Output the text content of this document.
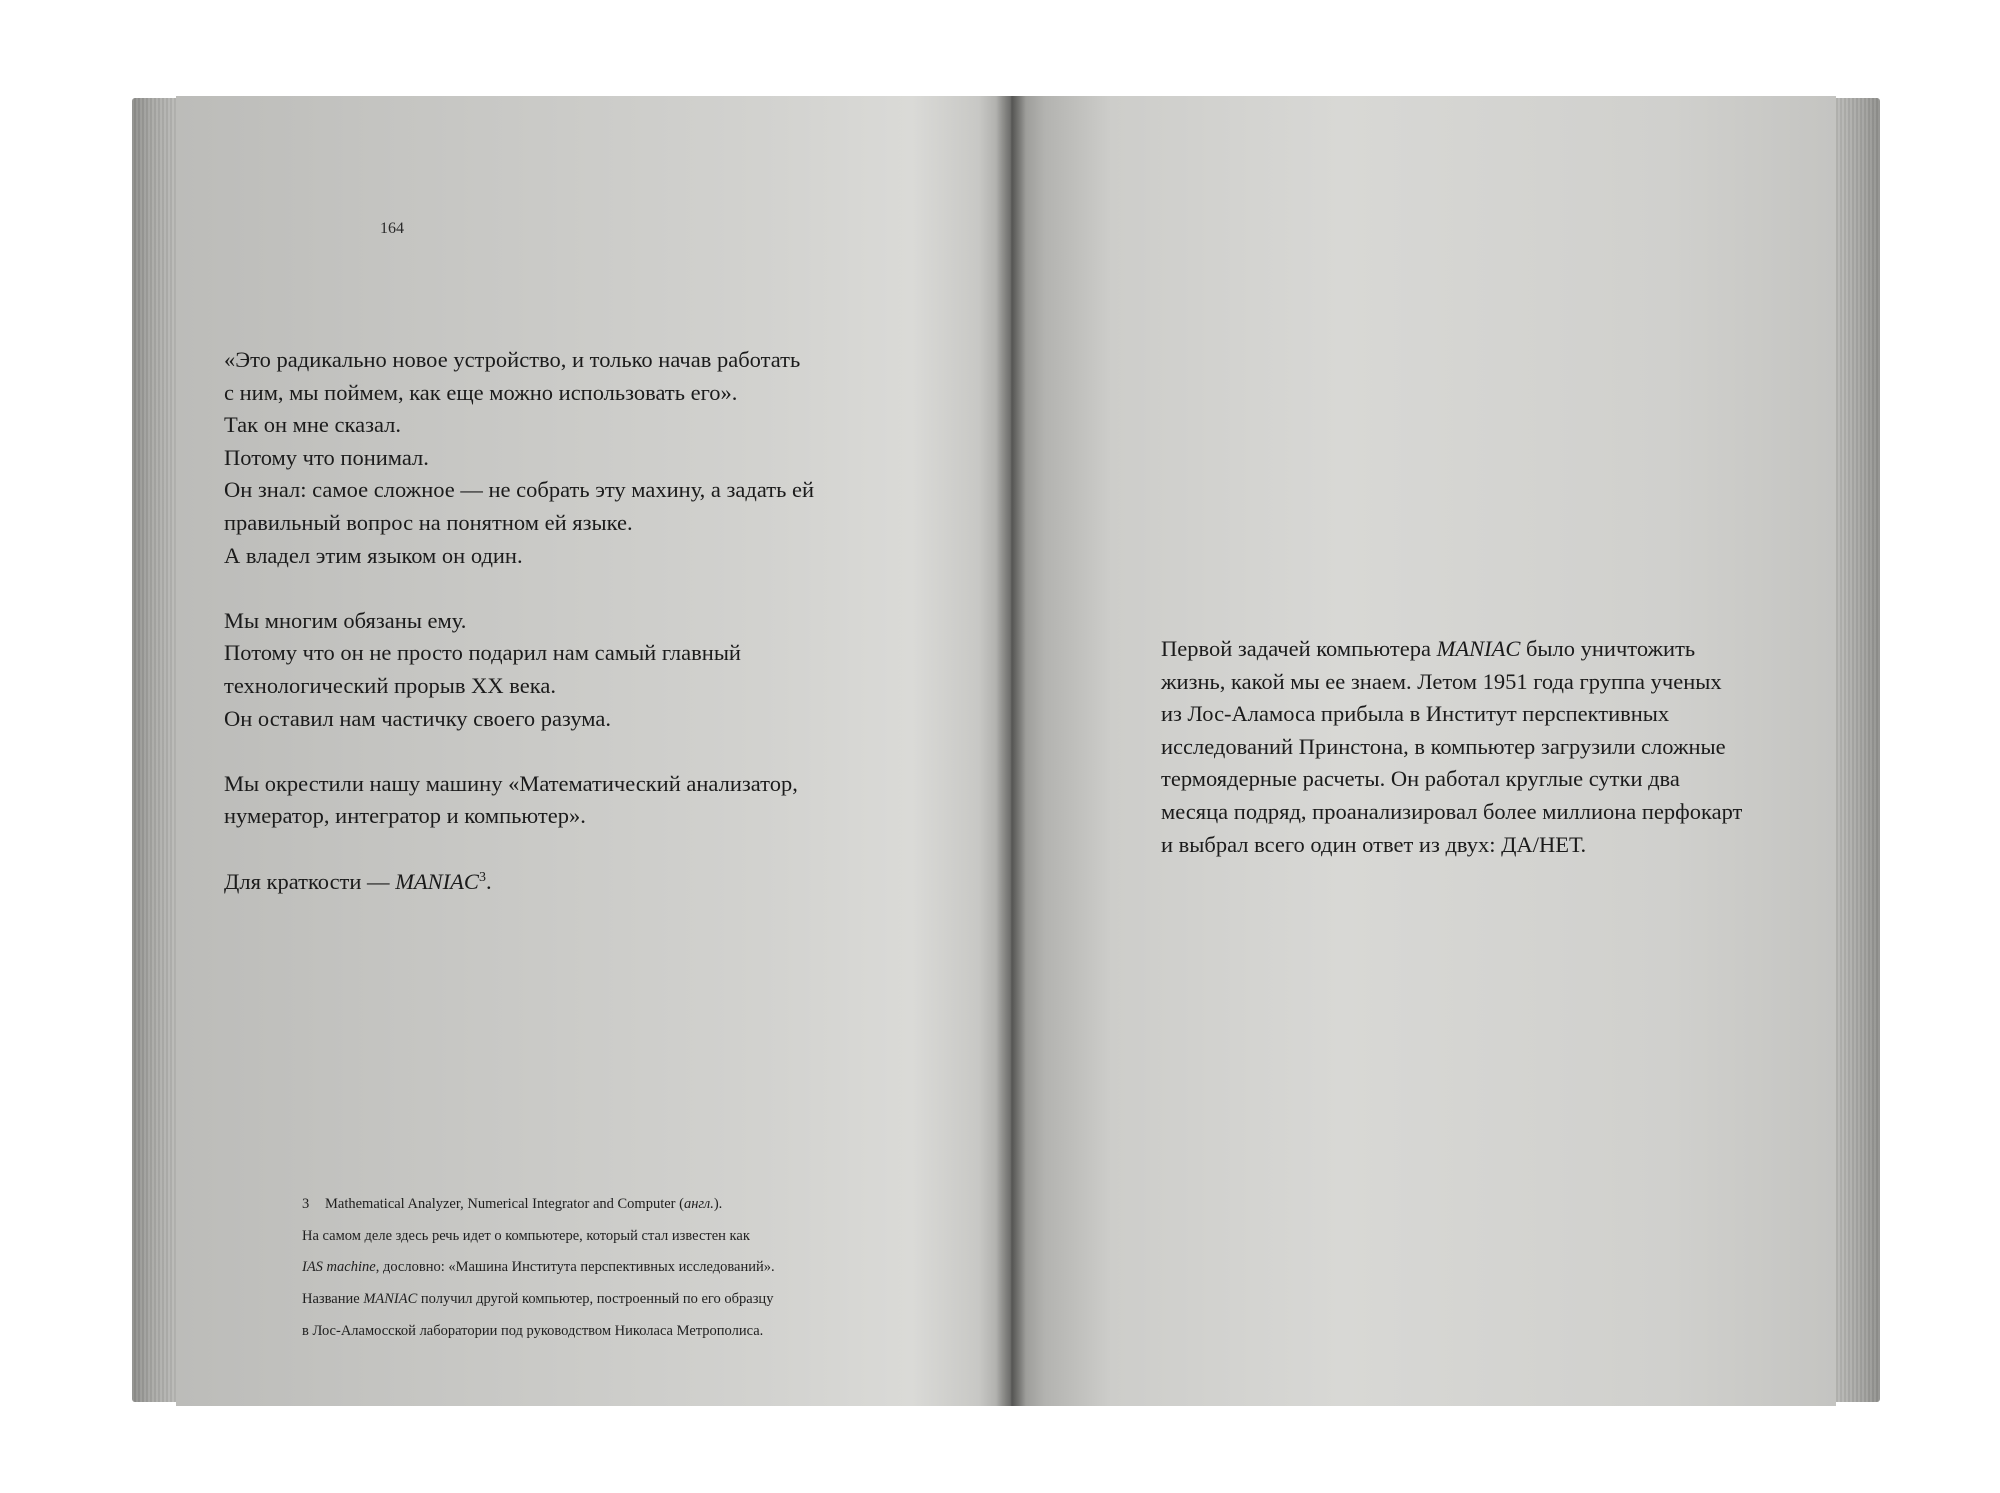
164
«Это радикально новое устройство, и только начав работать
с ним, мы поймем, как еще можно использовать его».
Так он мне сказал.
Потому что понимал.
Он знал: самое сложное — не собрать эту махину, а задать ей
правильный вопрос на понятном ей языке.
А владел этим языком он один.
Мы многим обязаны ему.
Потому что он не просто подарил нам самый главный
технологический прорыв XX века.
Он оставил нам частичку своего разума.
Мы окрестили нашу машину «Математический анализатор,
нумератор, интегратор и компьютер».
Для краткости — MANIAC$^3$.
3 Mathematical Analyzer, Numerical Integrator and Computer (англ.).
На самом деле здесь речь идет о компьютере, который стал известен как
IAS machine, дословно: «Машина Института перспективных исследований».
Название MANIAC получил другой компьютер, построенный по его образцу
в Лос-Аламосской лаборатории под руководством Николаса Метрополиса.
Первой задачей компьютера MANIAC было уничтожить
жизнь, какой мы ее знаем. Летом 1951 года группа ученых
из Лос-Аламоса прибыла в Институт перспективных
исследований Принстона, в компьютер загрузили сложные
термоядерные расчеты. Он работал круглые сутки два
месяца подряд, проанализировал более миллиона перфокарт
и выбрал всего один ответ из двух: ДА/НЕТ.
